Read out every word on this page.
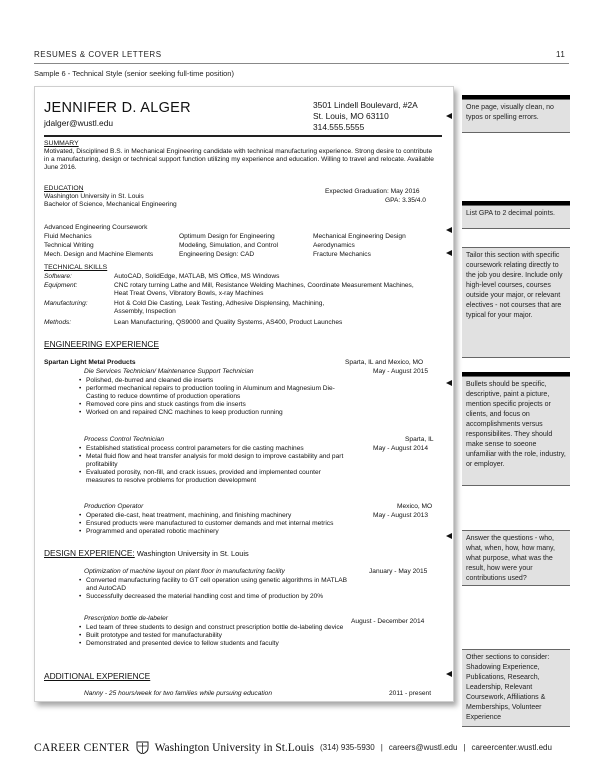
RESUMES & COVER LETTERS	11
Sample 6 - Technical Style (senior seeking full-time position)
JENNIFER D. ALGER
jdalger@wustl.edu
3501 Lindell Boulevard, #2A
St. Louis, MO 63110
314.555.5555
SUMMARY
Motivated, Disciplined B.S. in Mechanical Engineering candidate with technical manufacturing experience. Strong desire to contribute in a manufacturing, design or technical support function utilizing my experience and education. Willing to travel and relocate. Available June 2016.
EDUCATION
Washington University in St. Louis
Bachelor of Science, Mechanical Engineering
Expected Graduation: May 2016
GPA: 3.35/4.0
Advanced Engineering Coursework
Fluid Mechanics	Optimum Design for Engineering	Mechanical Engineering Design
Technical Writing	Modeling, Simulation, and Control	Aerodynamics
Mech. Design and Machine Elements	Engineering Design: CAD	Fracture Mechanics
TECHNICAL SKILLS
Software:	AutoCAD, SolidEdge, MATLAB, MS Office, MS Windows
Equipment:	CNC rotary turning Lathe and Mill, Resistance Welding Machines, Coordinate Measurement Machines, Heat Treat Ovens, Vibratory Bowls, x-ray Machines
Manufacturing:	Hot & Cold Die Casting, Leak Testing, Adhesive Displensing, Machining, Assembly, Inspection
Methods:	Lean Manufacturing, QS9000 and Quality Systems, AS400, Product Launches
ENGINEERING EXPERIENCE
Spartan Light Metal Products	Sparta, IL and Mexico, MO
Die Services Technician/ Maintenance Support Technician	May - August 2015
• Polished, de-burred and cleaned die inserts
• performed mechanical repairs to production tooling in Aluminum and Magnesium Die-Casting to reduce downtime of production operations
• Removed core pins and stuck castings from die inserts
• Worked on and repaired CNC machines to keep production running
Process Control Technician	Sparta, IL
May - August 2014
• Established statistical process control parameters for die casting machines
• Metal fluid flow and heat transfer analysis for mold design to improve castability and part profitability
• Evaluated porosity, non-fill, and crack issues, provided and implemented counter measures to resolve problems for production development
Production Operator	Mexico, MO
May - August 2013
• Operated die-cast, heat treatment, machining, and finishing machinery
• Ensured products were manufactured to customer demands and met internal metrics
• Programmed and operated robotic machinery
DESIGN EXPERIENCE: Washington University in St. Louis
Optimization of machine layout on plant floor in manufacturing facility	January - May 2015
• Converted manufacturing facility to GT cell operation using genetic algorithms in MATLAB and AutoCAD
• Successfully decreased the material handling cost and time of production by 20%
Prescription bottle de-labeler	August - December 2014
• Led team of three students to design and construct prescription bottle de-labeling device
• Built prototype and tested for manufacturability
• Demonstrated and presented device to fellow students and faculty
ADDITIONAL EXPERIENCE
Nanny - 25 hours/week for two families while pursuing education	2011 - present
One page, visually clean, no typos or spelling errors.
List GPA to 2 decimal points.
Tailor this section with specific coursework relating directly to the job you desire. Include only high-level courses, courses outside your major, or relevant electives - not courses that are typical for your major.
Bullets should be specific, descriptive, paint a picture, mention specific projects or clients, and focus on accomplishments versus responsibilites. They should make sense to soeone unfamiliar with the role, industry, or employer.
Answer the questions - who, what, when, how, how many, what purpose, what was the result, how were your contributions used?
Other sections to consider: Shadowing Experience, Publications, Research, Leadership, Relevant Coursework, Affiliations & Memberships, Volunteer Experience
CAREER CENTER Washington University in St.Louis (314) 935-5930 | careers@wustl.edu | careercenter.wustl.edu
